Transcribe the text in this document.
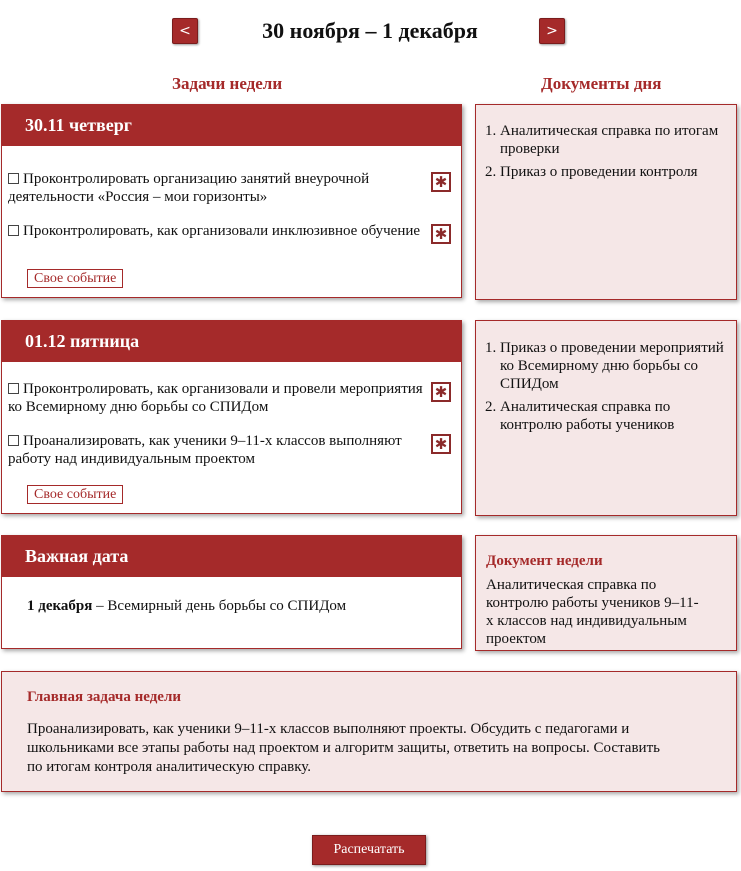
<	30 ноября – 1 декабря	>
Задачи недели	Документы дня
30.11 четверг
Проконтролировать организацию занятий внеурочной деятельности «Россия – мои горизонты»
✱
Проконтролировать, как организовали инклюзивное обучение ✱
Свое событие
1. Аналитическая справка по итогам проверки
2. Приказ о проведении контроля
01.12 пятница
Проконтролировать, как организовали и провели мероприятия ко Всемирному дню борьбы со СПИДом
✱
Проанализировать, как ученики 9–11-х классов выполняют работу над индивидуальным проектом
✱
Свое событие
1. Приказ о проведении мероприятий ко Всемирному дню борьбы со СПИДом
2. Аналитическая справка по контролю работы учеников
Важная дата
1 декабря – Всемирный день борьбы со СПИДом
Документ недели
Аналитическая справка по контролю работы учеников 9–11-х классов над индивидуальным проектом
Главная задача недели
Проанализировать, как ученики 9–11-х классов выполняют проекты. Обсудить с педагогами и школьниками все этапы работы над проектом и алгоритм защиты, ответить на вопросы. Составить по итогам контроля аналитическую справку.
Распечатать
